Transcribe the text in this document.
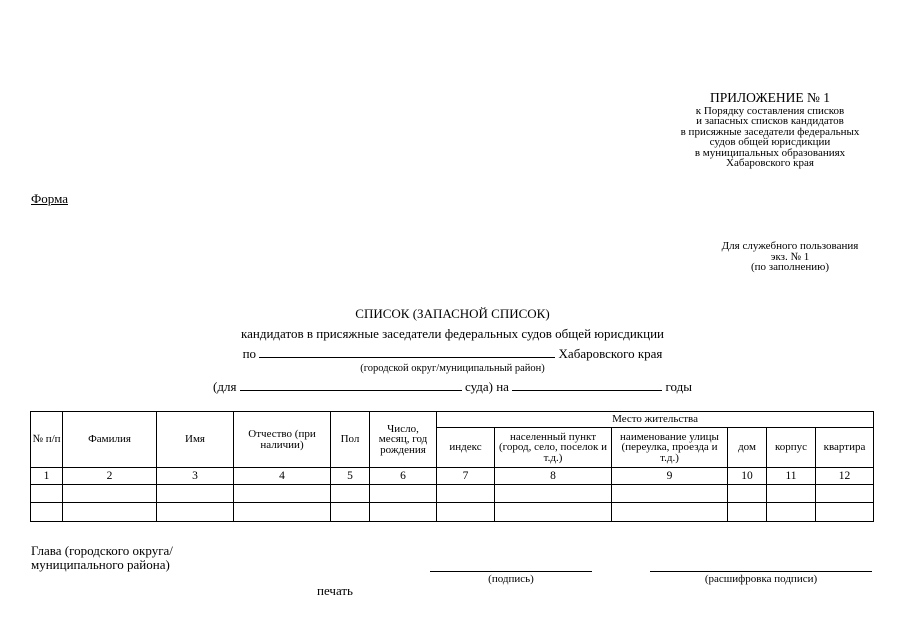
ПРИЛОЖЕНИЕ № 1
к Порядку составления списков
и запасных списков кандидатов
в присяжные заседатели федеральных
судов общей юрисдикции
в муниципальных образованиях
Хабаровского края
Форма
Для служебного пользования
экз. № 1
(по заполнению)
СПИСОК (ЗАПАСНОЙ СПИСОК)
кандидатов в присяжные заседатели федеральных судов общей юрисдикции
по	Хабаровского края
(городской округ/муниципальный район)
(для	суда) на	годы
№ п/п	Фамилия	Имя	Отчество (при наличии)	Пол	Число, месяц, год рождения	Место жительства					
						индекс	населенный пункт (город, село, поселок и т.д.)	наименование улицы (переулка, проезда и т.д.)	дом	корпус	квартира
1	2	3	4	5	6	7	8	9	10	11	12

Глава (городского округа/ муниципального района)
(подпись)	(расшифровка подписи)
печать
